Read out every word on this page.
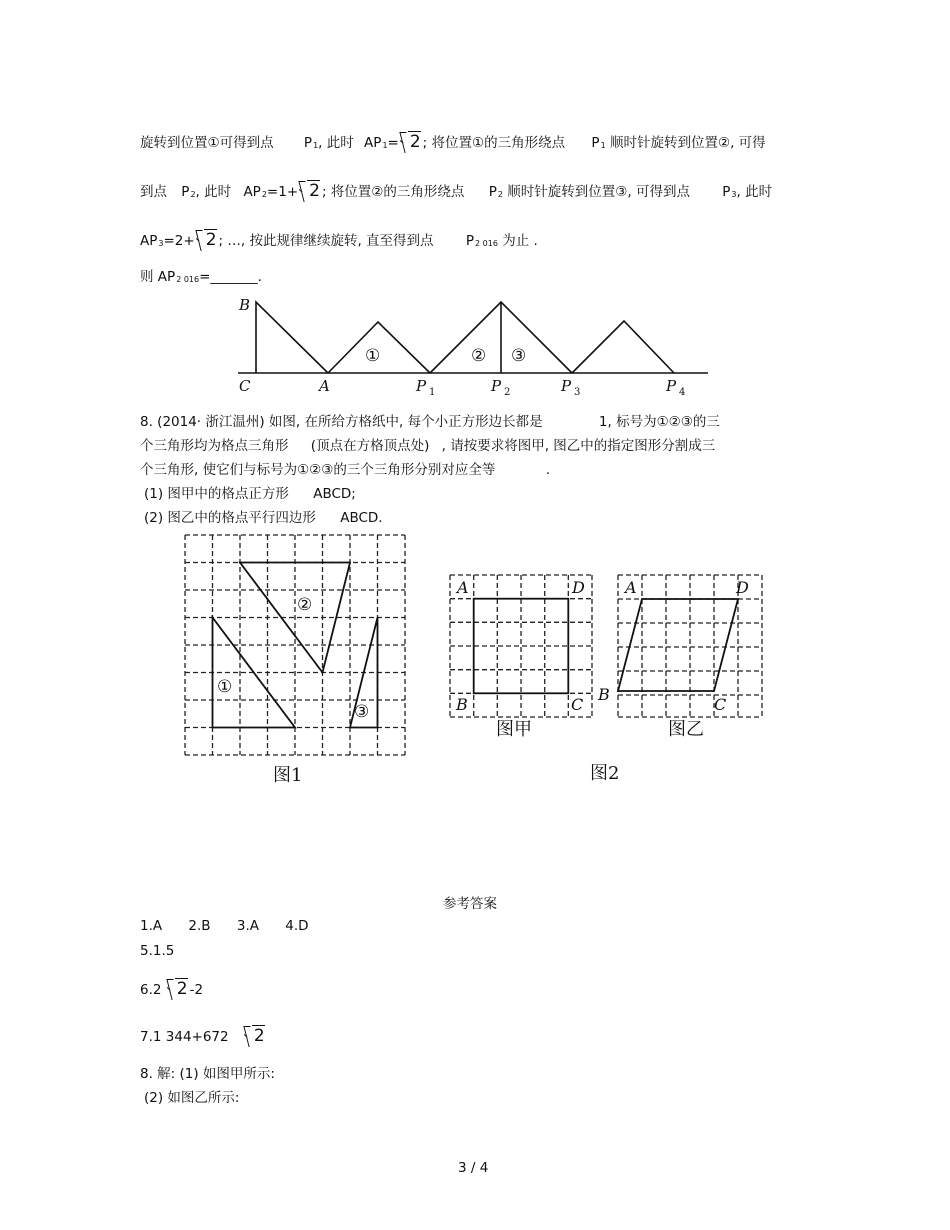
旋转到位置①可得到点 P1, 此时 AP1= 2 ; 将位置①的三角形绕点 P1 顺时针旋转到位置②, 可得
到点 P2, 此时 AP2=1+ 2 ; 将位置②的三角形绕点 P2 顺时针旋转到位置③, 可得到点 P3, 此时
AP3=2+ 2 ; …, 按此规律继续旋转, 直至得到点 P2 016 为止 .
则 AP2 016=_______.
B
C	A	P 1	P 2	P 3	P 4
①	② ③
8. (2014· 浙江温州) 如图, 在所给方格纸中, 每个小正方形边长都是	1, 标号为①②③的三
个三角形均为格点三角形 (顶点在方格顶点处) , 请按要求将图甲, 图乙中的指定图形分割成三
个三角形, 使它们与标号为①②③的三个三角形分别对应全等	.
(1) 图甲中的格点正方形 ABCD;
(2) 图乙中的格点平行四边形 ABCD.
②
①
③
图1
A	D
B	C
图甲
A	D
B
C
图乙
图2
参考答案
1.A 2.B 3.A 4.D
5.1.5
6.2 2 -2
7.1 344+672 2
8. 解: (1) 如图甲所示:
(2) 如图乙所示:
3 / 4
